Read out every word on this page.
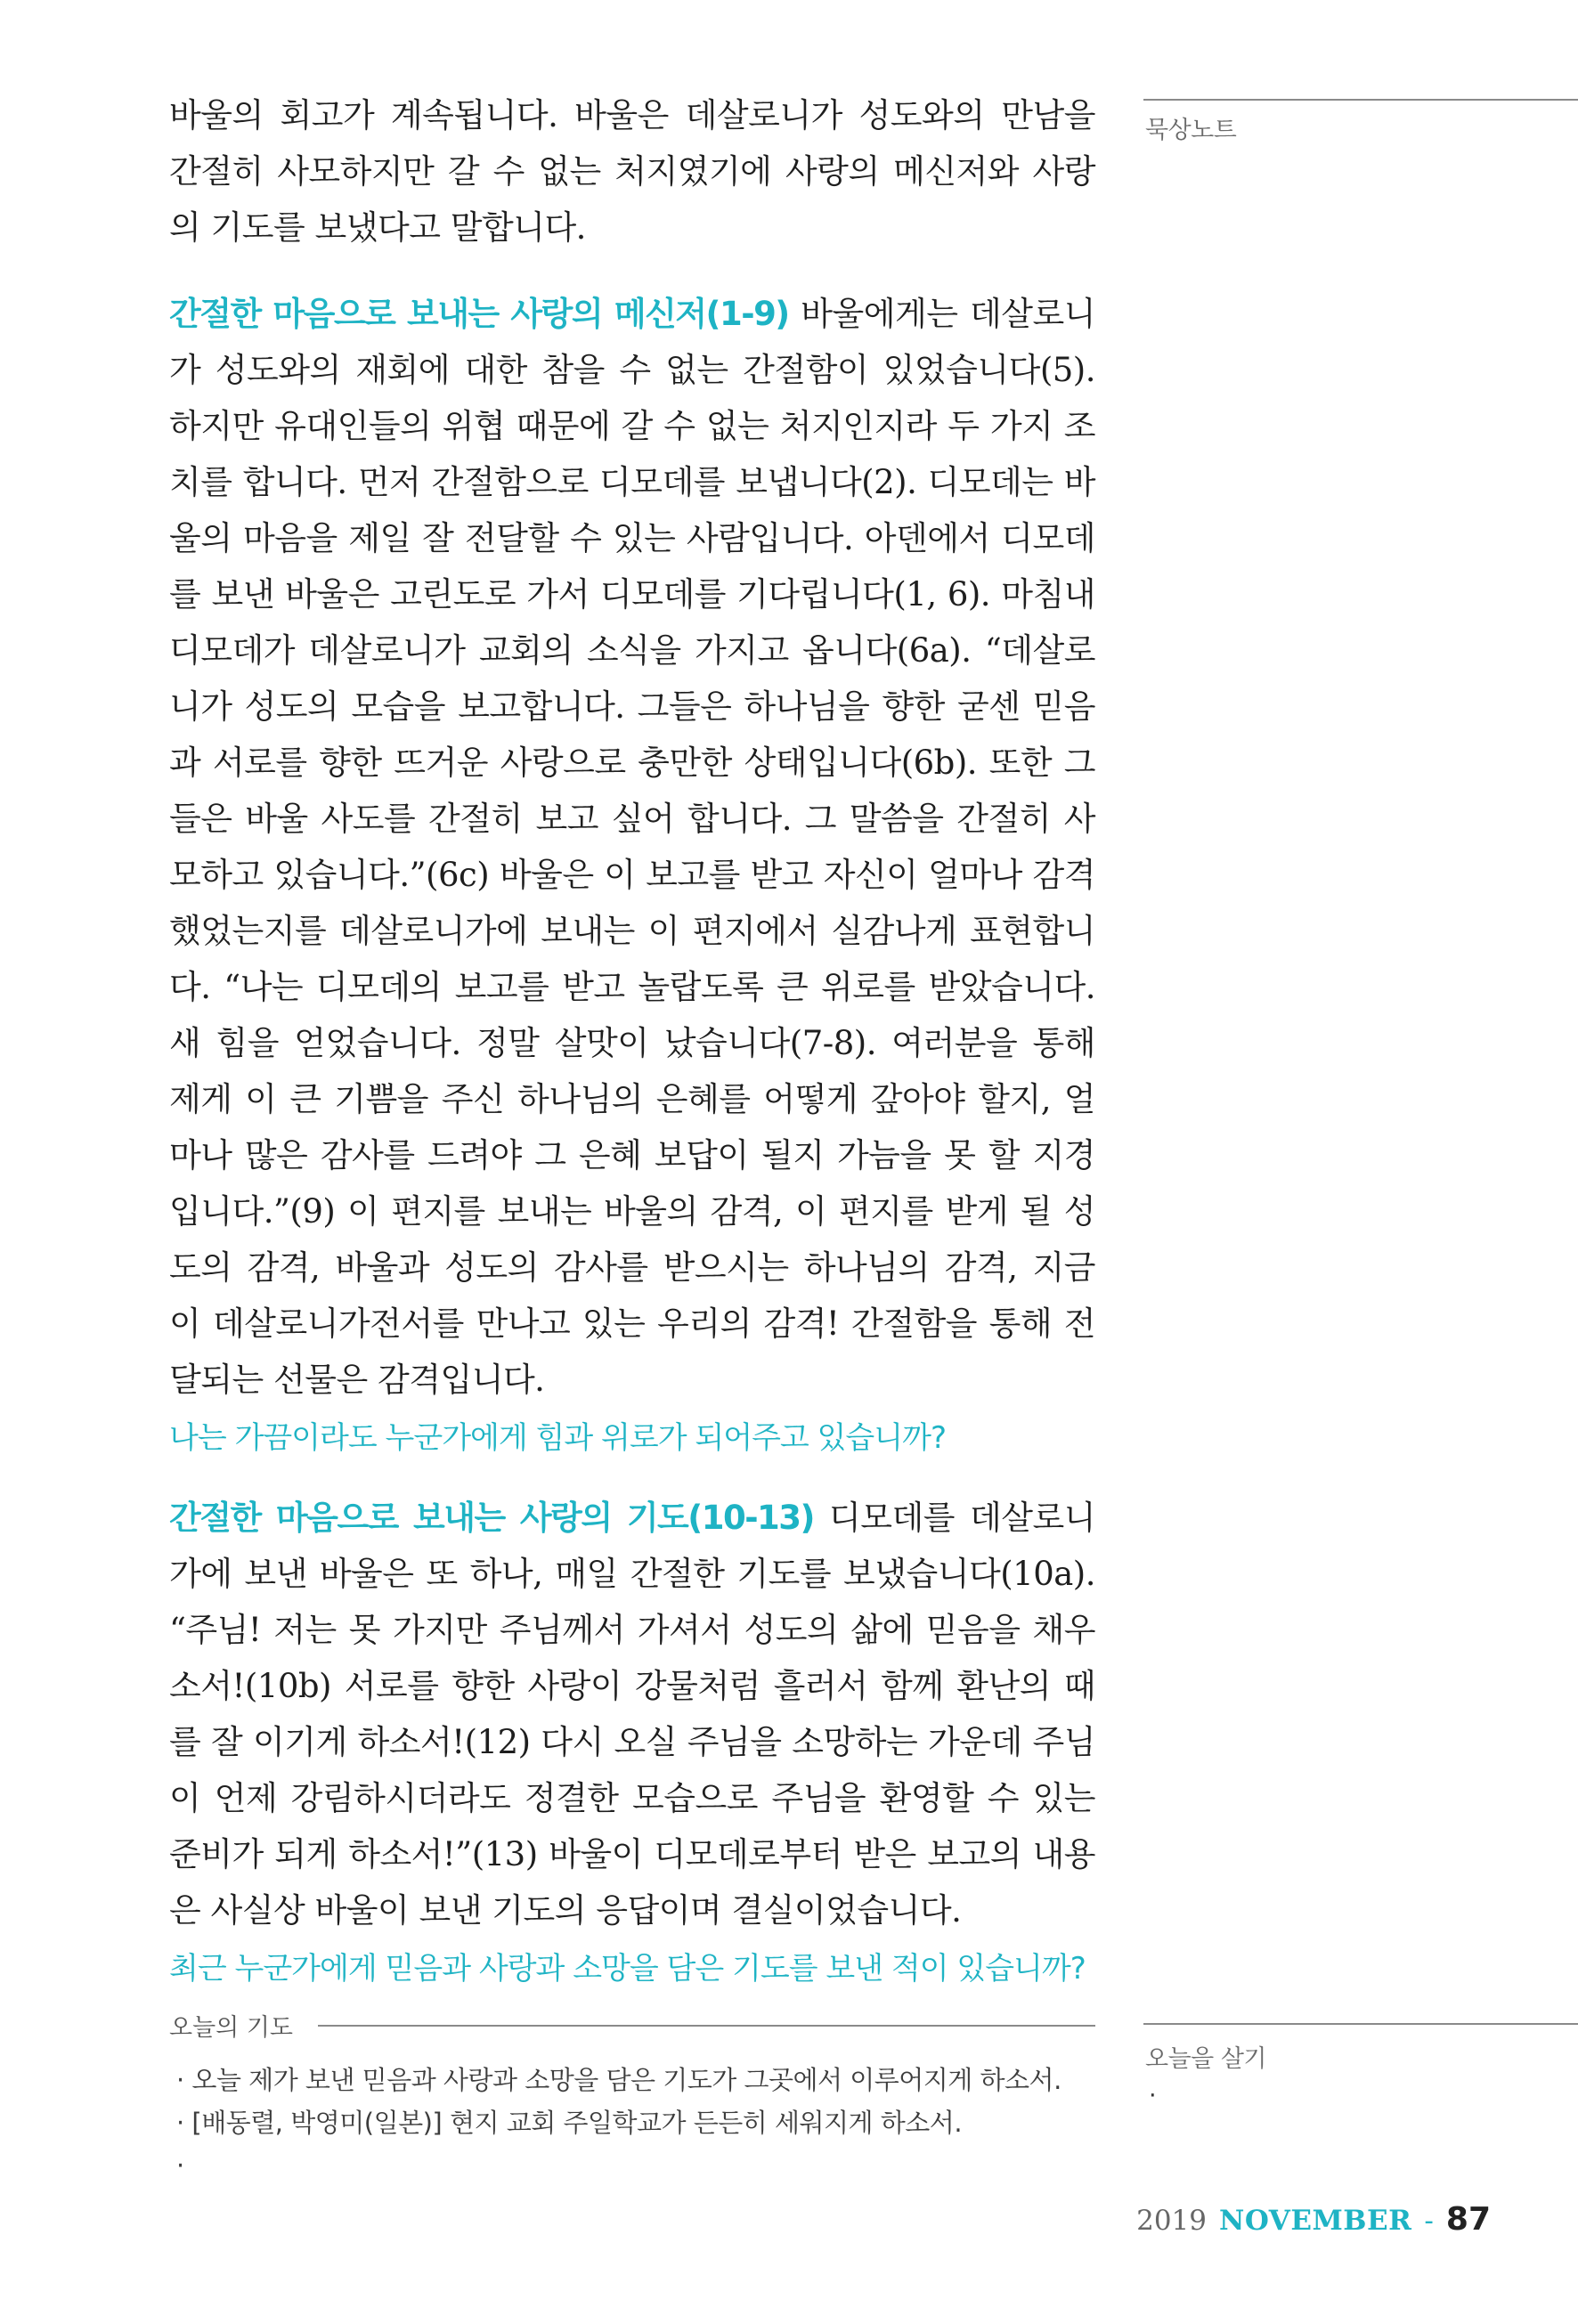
묵상노트

바울의 회고가 계속됩니다. 바울은 데살로니가 성도와의 만남을 간절히 사모하지만 갈 수 없는 처지였기에 사랑의 메신저와 사랑의 기도를 보냈다고 말합니다.

간절한 마음으로 보내는 사랑의 메신저(1-9) 바울에게는 데살로니가 성도와의 재회에 대한 참을 수 없는 간절함이 있었습니다(5). 하지만 유대인들의 위협 때문에 갈 수 없는 처지인지라 두 가지 조치를 합니다. 먼저 간절함으로 디모데를 보냅니다(2). 디모데는 바울의 마음을 제일 잘 전달할 수 있는 사람입니다. 아덴에서 디모데를 보낸 바울은 고린도로 가서 디모데를 기다립니다(1, 6). 마침내 디모데가 데살로니가 교회의 소식을 가지고 옵니다(6a). “데살로니가 성도의 모습을 보고합니다. 그들은 하나님을 향한 굳센 믿음과 서로를 향한 뜨거운 사랑으로 충만한 상태입니다(6b). 또한 그들은 바울 사도를 간절히 보고 싶어 합니다. 그 말씀을 간절히 사모하고 있습니다.”(6c) 바울은 이 보고를 받고 자신이 얼마나 감격했었는지를 데살로니가에 보내는 이 편지에서 실감나게 표현합니다. “나는 디모데의 보고를 받고 놀랍도록 큰 위로를 받았습니다. 새 힘을 얻었습니다. 정말 살맛이 났습니다(7-8). 여러분을 통해 제게 이 큰 기쁨을 주신 하나님의 은혜를 어떻게 갚아야 할지, 얼마나 많은 감사를 드려야 그 은혜 보답이 될지 가늠을 못 할 지경입니다.”(9) 이 편지를 보내는 바울의 감격, 이 편지를 받게 될 성도의 감격, 바울과 성도의 감사를 받으시는 하나님의 감격, 지금 이 데살로니가전서를 만나고 있는 우리의 감격! 간절함을 통해 전달되는 선물은 감격입니다.

나는 가끔이라도 누군가에게 힘과 위로가 되어주고 있습니까?

간절한 마음으로 보내는 사랑의 기도(10-13) 디모데를 데살로니가에 보낸 바울은 또 하나, 매일 간절한 기도를 보냈습니다(10a). “주님! 저는 못 가지만 주님께서 가셔서 성도의 삶에 믿음을 채우소서!(10b) 서로를 향한 사랑이 강물처럼 흘러서 함께 환난의 때를 잘 이기게 하소서!(12) 다시 오실 주님을 소망하는 가운데 주님이 언제 강림하시더라도 정결한 모습으로 주님을 환영할 수 있는 준비가 되게 하소서!”(13) 바울이 디모데로부터 받은 보고의 내용은 사실상 바울이 보낸 기도의 응답이며 결실이었습니다.

최근 누군가에게 믿음과 사랑과 소망을 담은 기도를 보낸 적이 있습니까?

오늘의 기도
· 오늘 제가 보낸 믿음과 사랑과 소망을 담은 기도가 그곳에서 이루어지게 하소서.
· [배동렬, 박영미(일본)] 현지 교회 주일학교가 든든히 세워지게 하소서.
·
오늘을 살기
·
2019 NOVEMBER - 87
